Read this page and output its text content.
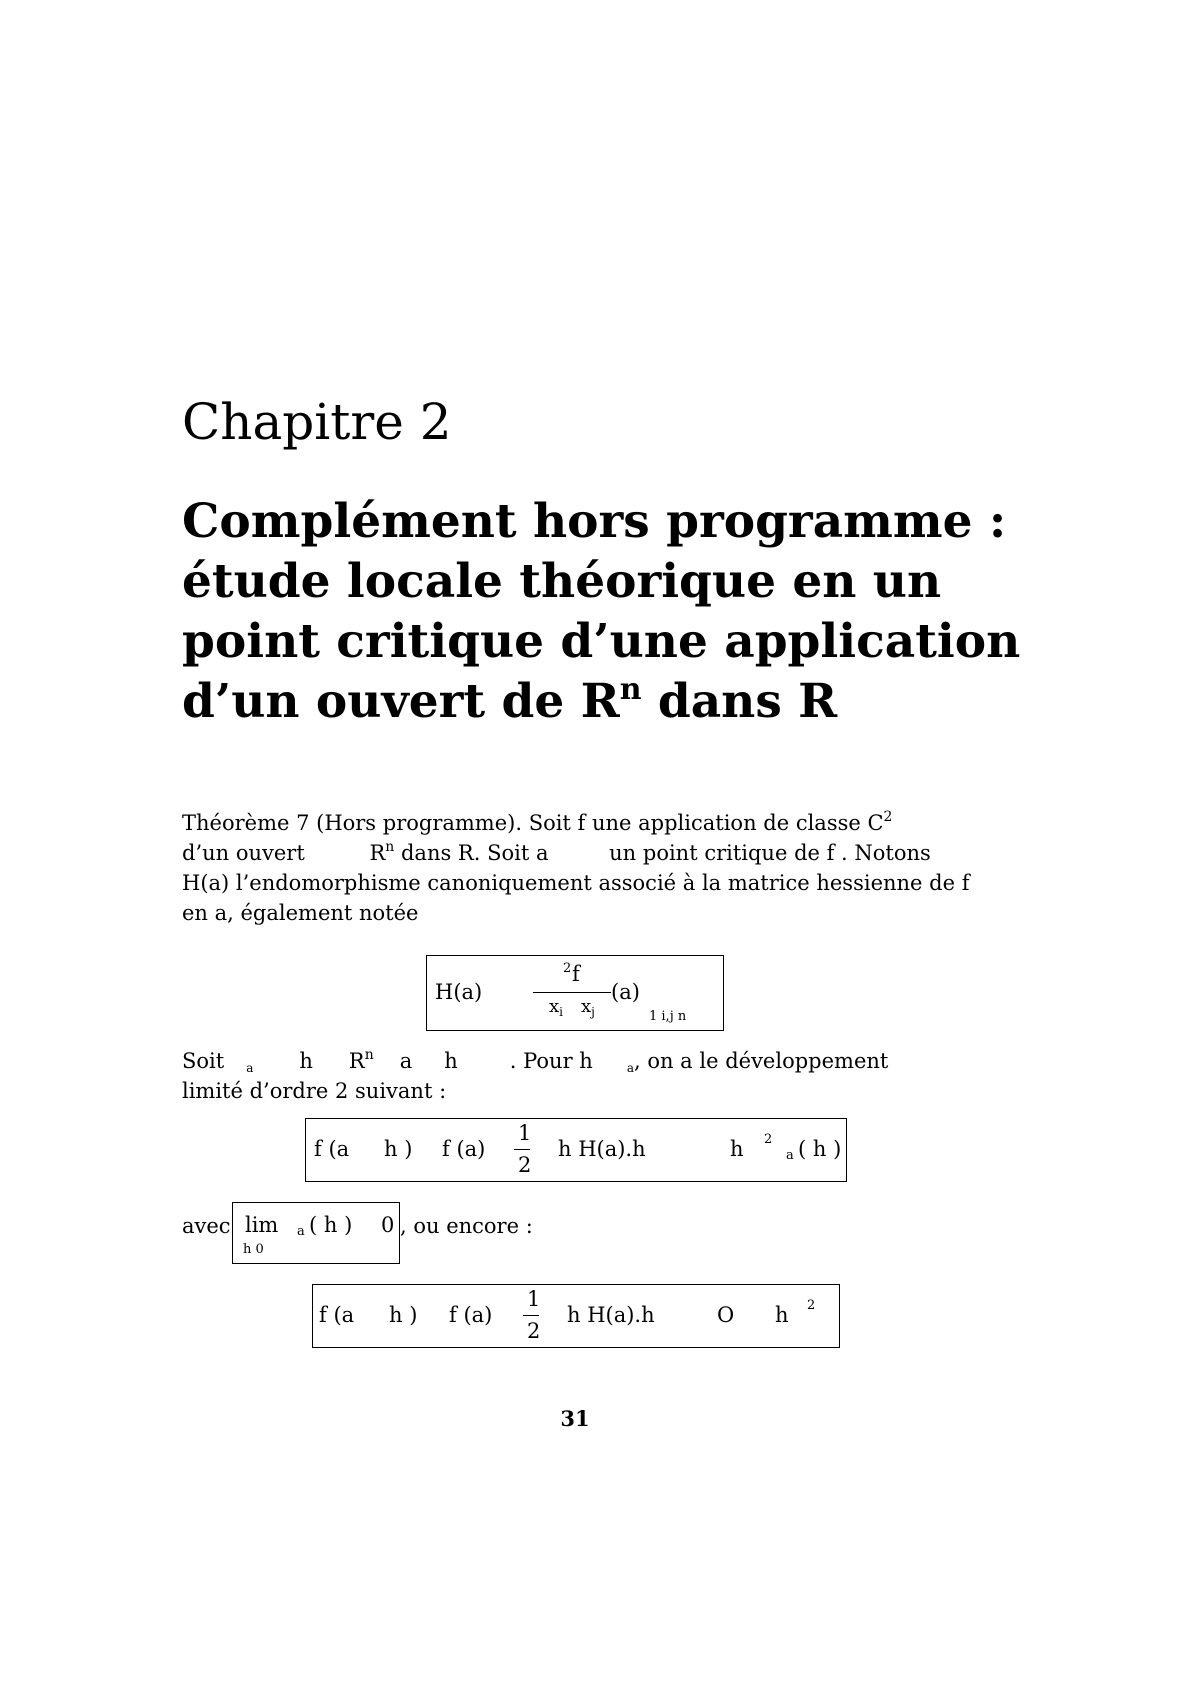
Chapitre 2
Complément hors programme :
étude locale théorique en un
point critique d’une application
d’un ouvert de $R^n$ dans R
Théorème 7 (Hors programme). Soit f une application de classe $C^2$
d’un ouvert	$R^n$ dans R. Soit a	un point critique de f . Notons
H(a) l’endomorphisme canoniquement associé à la matrice hessienne de f
en a, également notée
H(a)
2 f
$x_i$ $x_j$
(a)
1 i,j n
Soit $_a$ h $R^n$ a h . Pour h	$_a$, on a le développement
limité d’ordre 2 suivant :
f (a h ) f (a)
1
2
h H(a).h	h 2
a ( h )
avec lim
h 0
a ( h ) 0 , ou encore :
f (a h ) f (a)
1
2
h H(a).h	O h 2
31
